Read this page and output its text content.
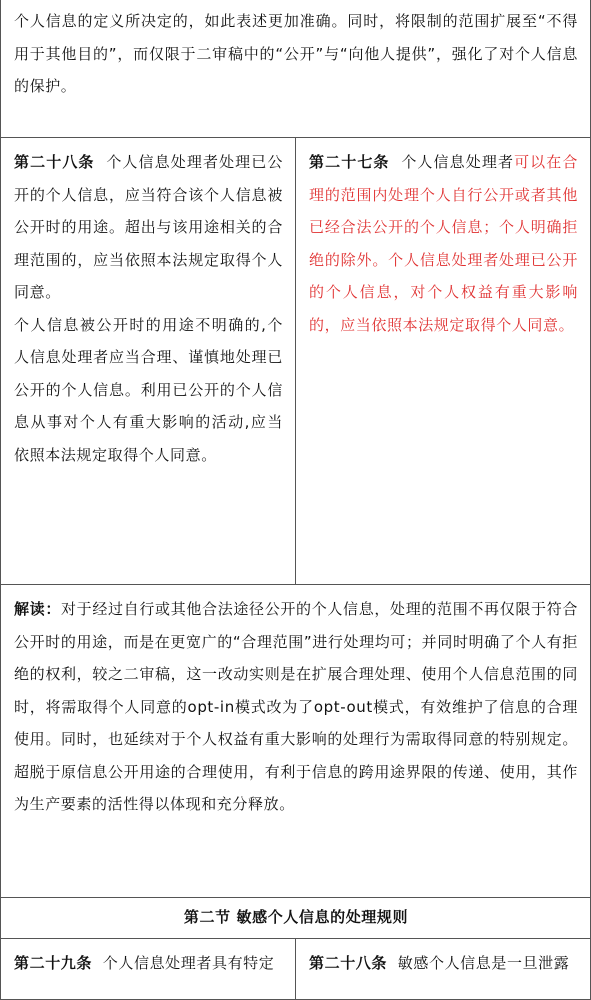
个人信息的定义所决定的，如此表述更加准确。同时，将限制的范围扩展至“不得用于其他目的”，而仅限于二审稿中的“公开”与“向他人提供”，强化了对个人信息的保护。	

第二十八条 个人信息处理者处理已公开的个人信息，应当符合该个人信息被公开时的用途。超出与该用途相关的合理范围的，应当依照本法规定取得个人同意。

个人信息被公开时的用途不明确的,个人信息处理者应当合理、谨慎地处理已公开的个人信息。利用已公开的个人信息从事对个人有重大影响的活动,应当依照本法规定取得个人同意。	第二十七条 个人信息处理者可以在合理的范围内处理个人自行公开或者其他已经合法公开的个人信息；个人明确拒绝的除外。个人信息处理者处理已公开的个人信息，对个人权益有重大影响的，应当依照本法规定取得个人同意。

解读：对于经过自行或其他合法途径公开的个人信息，处理的范围不再仅限于符合公开时的用途，而是在更宽广的“合理范围”进行处理均可；并同时明确了个人有拒绝的权利，较之二审稿，这一改动实则是在扩展合理处理、使用个人信息范围的同时，将需取得个人同意的opt-in模式改为了opt-out模式，有效维护了信息的合理使用。同时，也延续对于个人权益有重大影响的处理行为需取得同意的特别规定。超脱于原信息公开用途的合理使用，有利于信息的跨用途界限的传递、使用，其作为生产要素的活性得以体现和充分释放。	

第二节 敏感个人信息的处理规则	

第二十九条 个人信息处理者具有特定	第二十八条 敏感个人信息是一旦泄露
